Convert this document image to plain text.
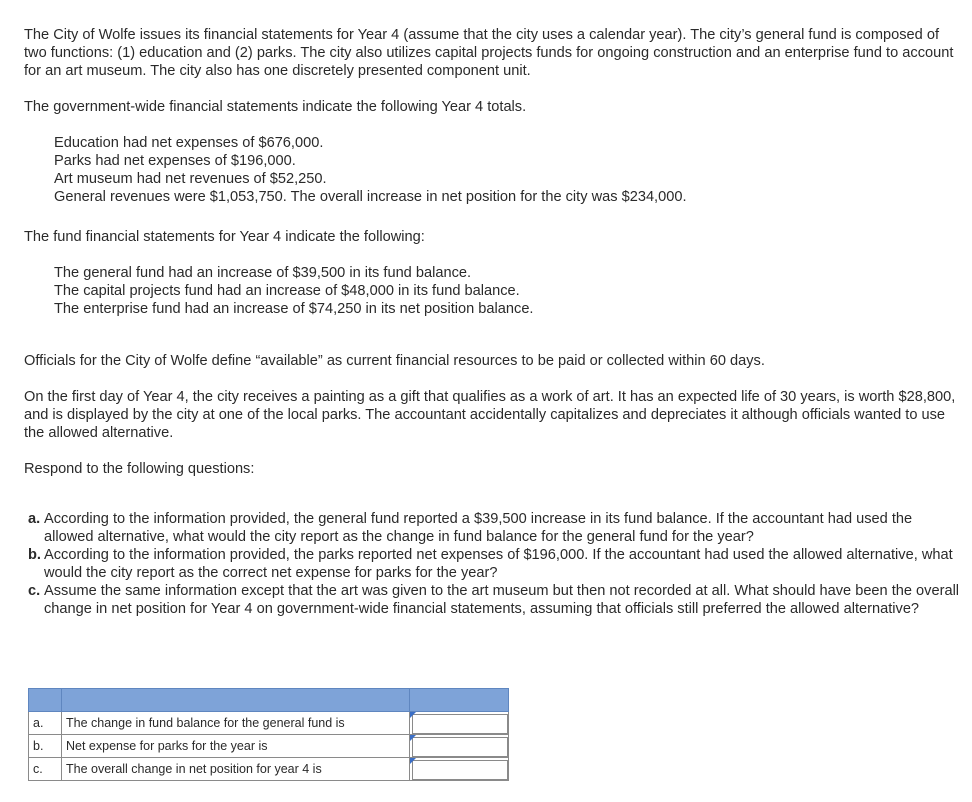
The City of Wolfe issues its financial statements for Year 4 (assume that the city uses a calendar year). The city’s general fund is composed of two functions: (1) education and (2) parks. The city also utilizes capital projects funds for ongoing construction and an enterprise fund to account for an art museum. The city also has one discretely presented component unit.

The government-wide financial statements indicate the following Year 4 totals.

Education had net expenses of $676,000.

Parks had net expenses of $196,000.

Art museum had net revenues of $52,250.

General revenues were $1,053,750. The overall increase in net position for the city was $234,000.

The fund financial statements for Year 4 indicate the following:

The general fund had an increase of $39,500 in its fund balance.

The capital projects fund had an increase of $48,000 in its fund balance.

The enterprise fund had an increase of $74,250 in its net position balance.

Officials for the City of Wolfe define “available” as current financial resources to be paid or collected within 60 days.

On the first day of Year 4, the city receives a painting as a gift that qualifies as a work of art. It has an expected life of 30 years, is worth $28,800, and is displayed by the city at one of the local parks. The accountant accidentally capitalizes and depreciates it although officials wanted to use the allowed alternative.

Respond to the following questions:

a. According to the information provided, the general fund reported a $39,500 increase in its fund balance. If the accountant had used the allowed alternative, what would the city report as the change in fund balance for the general fund for the year?
b. According to the information provided, the parks reported net expenses of $196,000. If the accountant had used the allowed alternative, what would the city report as the correct net expense for parks for the year?
c. Assume the same information except that the art was given to the art museum but then not recorded at all. What should have been the overall change in net position for Year 4 on government-wide financial statements, assuming that officials still preferred the allowed alternative?

a.	The change in fund balance for the general fund is	

b.	Net expense for parks for the year is	

c.	The overall change in net position for year 4 is	
